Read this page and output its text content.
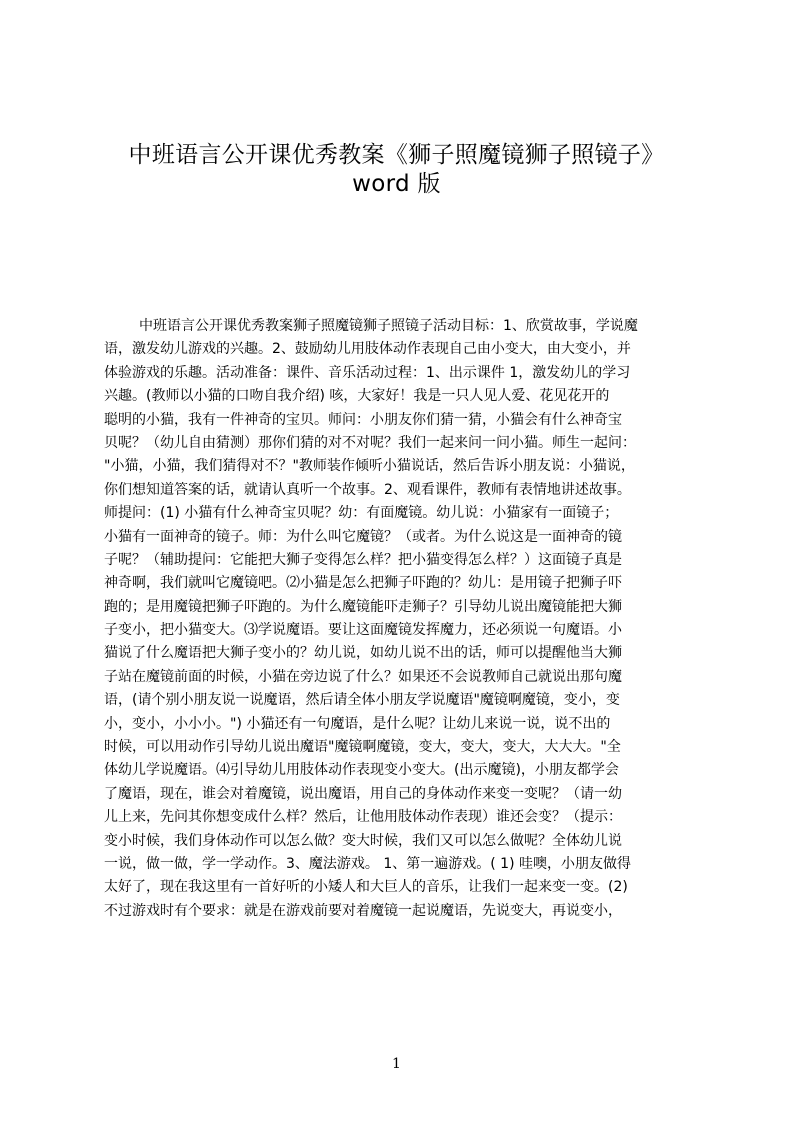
中班语言公开课优秀教案《狮子照魔镜狮子照镜子》
word 版
中班语言公开课优秀教案狮子照魔镜狮子照镜子活动目标：1、欣赏故事，学说魔
语，激发幼儿游戏的兴趣。2、鼓励幼儿用肢体动作表现自己由小变大，由大变小，并
体验游戏的乐趣。活动准备：课件、音乐活动过程：1、出示课件 1，激发幼儿的学习
兴趣。(教师以小猫的口吻自我介绍) 咳，大家好！我是一只人见人爱、花见花开的
聪明的小猫，我有一件神奇的宝贝。师问：小朋友你们猜一猜，小猫会有什么神奇宝
贝呢？（幼儿自由猜测）那你们猜的对不对呢？我们一起来问一问小猫。师生一起问：
"小猫，小猫，我们猜得对不？"教师装作倾听小猫说话，然后告诉小朋友说：小猫说，
你们想知道答案的话，就请认真听一个故事。2、观看课件，教师有表情地讲述故事。
师提问：(1) 小猫有什么神奇宝贝呢？幼：有面魔镜。幼儿说：小猫家有一面镜子；
小猫有一面神奇的镜子。师：为什么叫它魔镜？（或者。为什么说这是一面神奇的镜
子呢？（辅助提问：它能把大狮子变得怎么样？把小猫变得怎么样？）这面镜子真是
神奇啊，我们就叫它魔镜吧。⑵小猫是怎么把狮子吓跑的？幼儿：是用镜子把狮子吓
跑的；是用魔镜把狮子吓跑的。为什么魔镜能吓走狮子？引导幼儿说出魔镜能把大狮
子变小，把小猫变大。⑶学说魔语。要让这面魔镜发挥魔力，还必须说一句魔语。小
猫说了什么魔语把大狮子变小的？幼儿说，如幼儿说不出的话，师可以提醒他当大狮
子站在魔镜前面的时候，小猫在旁边说了什么？如果还不会说教师自己就说出那句魔
语，(请个别小朋友说一说魔语，然后请全体小朋友学说魔语"魔镜啊魔镜，变小，变
小，变小，小小小。") 小猫还有一句魔语，是什么呢？让幼儿来说一说，说不出的
时候，可以用动作引导幼儿说出魔语"魔镜啊魔镜，变大，变大，变大，大大大。"全
体幼儿学说魔语。⑷引导幼儿用肢体动作表现变小变大。(出示魔镜)，小朋友都学会
了魔语，现在，谁会对着魔镜，说出魔语，用自己的身体动作来变一变呢？（请一幼
儿上来，先问其你想变成什么样？然后，让他用肢体动作表现）谁还会变？（提示：
变小时候，我们身体动作可以怎么做？变大时候，我们又可以怎么做呢？全体幼儿说
一说，做一做，学一学动作。3、魔法游戏。 1、第一遍游戏。( 1) 哇噢，小朋友做得
太好了，现在我这里有一首好听的小矮人和大巨人的音乐，让我们一起来变一变。(2)
不过游戏时有个要求：就是在游戏前要对着魔镜一起说魔语，先说变大，再说变小，
1
